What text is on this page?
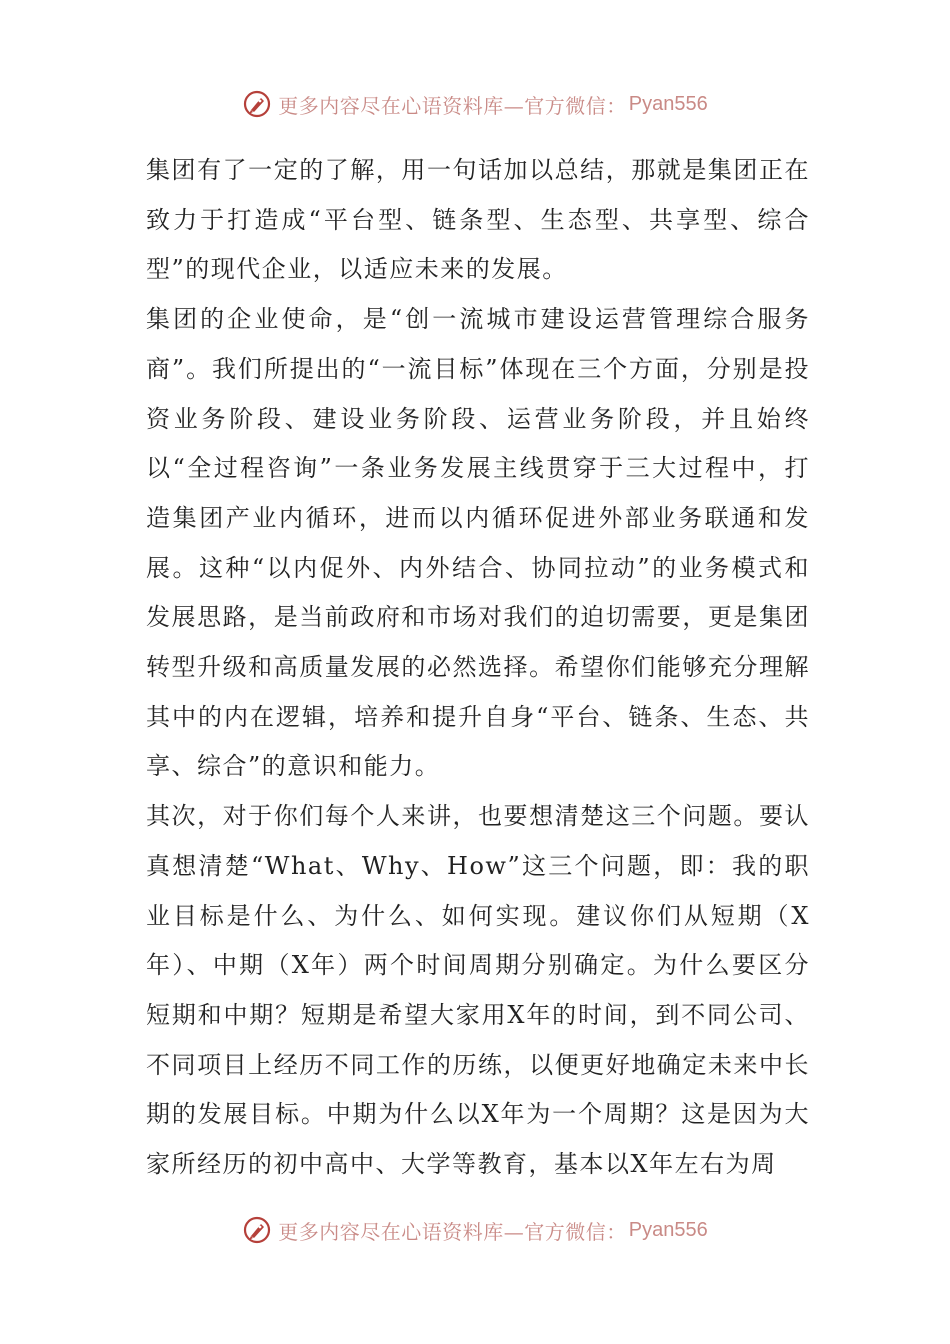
更多内容尽在心语资料库—官方微信： Pyan556

集团有了一定的了解，用一句话加以总结，那就是集团正在致力于打造成“平台型、链条型、生态型、共享型、综合型”的现代企业，以适应未来的发展。

集团的企业使命，是“创一流城市建设运营管理综合服务商”。我们所提出的“一流目标”体现在三个方面，分别是投资业务阶段、建设业务阶段、运营业务阶段，并且始终以“全过程咨询”一条业务发展主线贯穿于三大过程中，打造集团产业内循环，进而以内循环促进外部业务联通和发展。这种“以内促外、内外结合、协同拉动”的业务模式和发展思路，是当前政府和市场对我们的迫切需要，更是集团转型升级和高质量发展的必然选择。希望你们能够充分理解其中的内在逻辑，培养和提升自身“平台、链条、生态、共享、综合”的意识和能力。

其次，对于你们每个人来讲，也要想清楚这三个问题。要认真想清楚“What、Why、How”这三个问题，即：我的职业目标是什么、为什么、如何实现。建议你们从短期（X年）、中期（X年）两个时间周期分别确定。为什么要区分短期和中期？短期是希望大家用X年的时间，到不同公司、不同项目上经历不同工作的历练，以便更好地确定未来中长期的发展目标。中期为什么以X年为一个周期？这是因为大家所经历的初中高中、大学等教育，基本以X年左右为周

更多内容尽在心语资料库—官方微信： Pyan556
